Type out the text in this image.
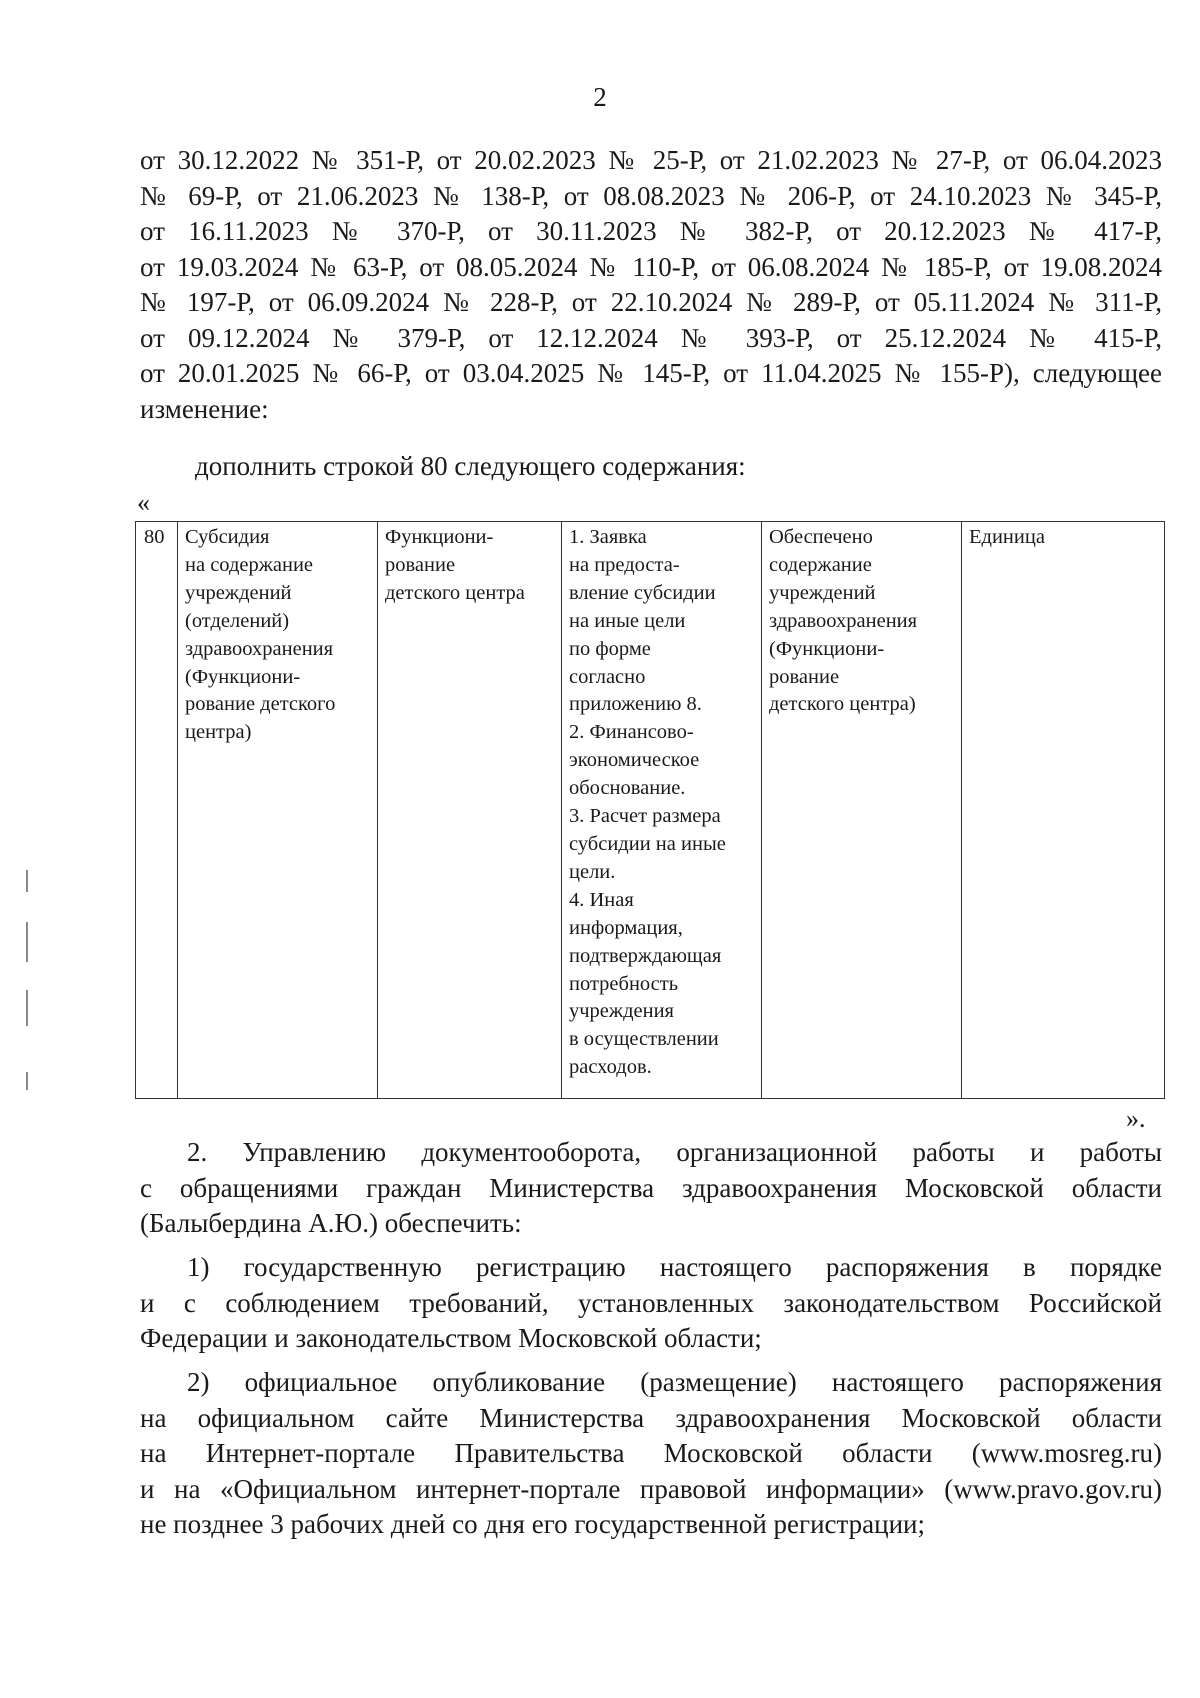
2
от 30.12.2022 № 351-Р, от 20.02.2023 № 25-Р, от 21.02.2023 № 27-Р, от 06.04.2023
№ 69-Р, от 21.06.2023 № 138-Р, от 08.08.2023 № 206-Р, от 24.10.2023 № 345-Р,
от 16.11.2023 № 370-Р, от 30.11.2023 № 382-Р, от 20.12.2023 № 417-Р,
от 19.03.2024 № 63-Р, от 08.05.2024 № 110-Р, от 06.08.2024 № 185-Р, от 19.08.2024
№ 197-Р, от 06.09.2024 № 228-Р, от 22.10.2024 № 289-Р, от 05.11.2024 № 311-Р,
от 09.12.2024 № 379-Р, от 12.12.2024 № 393-Р, от 25.12.2024 № 415-Р,
от 20.01.2025 № 66-Р, от 03.04.2025 № 145-Р, от 11.04.2025 № 155-Р), следующее
изменение:
дополнить строкой 80 следующего содержания:
«
80	Субсидия
на содержание
учреждений
(отделений)
здравоохранения
(Функциони-
рование детского
центра)	Функциони-
рование
детского центра	1. Заявка
на предоста-
вление субсидии
на иные цели
по форме
согласно
приложению 8.
2. Финансово-
экономическое
обоснование.
3. Расчет размера
субсидии на иные
цели.
4. Иная
информация,
подтверждающая
потребность
учреждения
в осуществлении
расходов.	Обеспечено
содержание
учреждений
здравоохранения
(Функциони-
рование
детского центра)	Единица
».
2. Управлению документооборота, организационной работы и работы
с обращениями граждан Министерства здравоохранения Московской области
(Балыбердина А.Ю.) обеспечить:
1) государственную регистрацию настоящего распоряжения в порядке
и с соблюдением требований, установленных законодательством Российской
Федерации и законодательством Московской области;
2) официальное опубликование (размещение) настоящего распоряжения
на официальном сайте Министерства здравоохранения Московской области
на Интернет-портале Правительства Московской области (www.mosreg.ru)
и на «Официальном интернет-портале правовой информации» (www.pravo.gov.ru)
не позднее 3 рабочих дней со дня его государственной регистрации;
